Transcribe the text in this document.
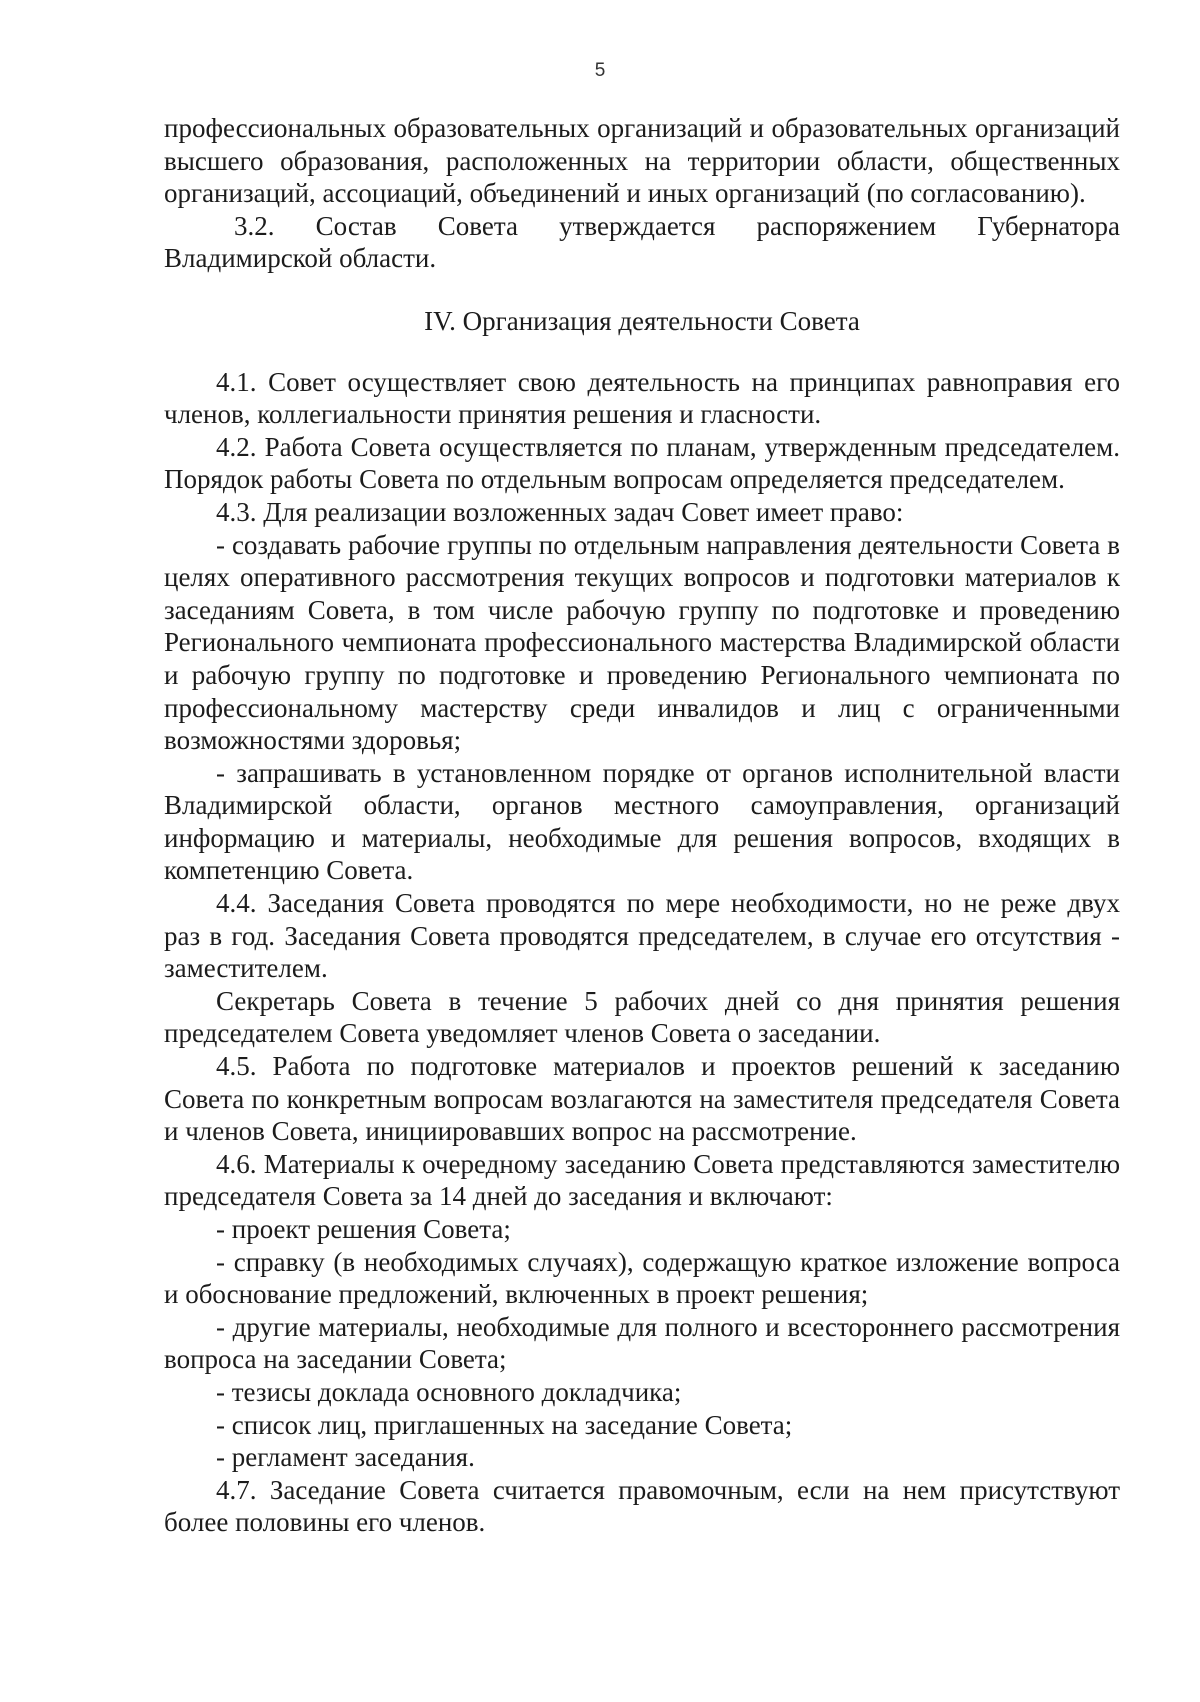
5

профессиональных образовательных организаций и образовательных организаций высшего образования, расположенных на территории области, общественных организаций, ассоциаций, объединений и иных организаций (по согласованию).

3.2. Состав Совета утверждается распоряжением Губернатора Владимирской области.

IV. Организация деятельности Совета

4.1. Совет осуществляет свою деятельность на принципах равноправия его членов, коллегиальности принятия решения и гласности.

4.2. Работа Совета осуществляется по планам, утвержденным председателем. Порядок работы Совета по отдельным вопросам определяется председателем.

4.3. Для реализации возложенных задач Совет имеет право:

- создавать рабочие группы по отдельным направления деятельности Совета в целях оперативного рассмотрения текущих вопросов и подготовки материалов к заседаниям Совета, в том числе рабочую группу по подготовке и проведению Регионального чемпионата профессионального мастерства Владимирской области и рабочую группу по подготовке и проведению Регионального чемпионата по профессиональному мастерству среди инвалидов и лиц с ограниченными возможностями здоровья;

- запрашивать в установленном порядке от органов исполнительной власти Владимирской области, органов местного самоуправления, организаций информацию и материалы, необходимые для решения вопросов, входящих в компетенцию Совета.

4.4. Заседания Совета проводятся по мере необходимости, но не реже двух раз в год. Заседания Совета проводятся председателем, в случае его отсутствия - заместителем.

Секретарь Совета в течение 5 рабочих дней со дня принятия решения председателем Совета уведомляет членов Совета о заседании.

4.5. Работа по подготовке материалов и проектов решений к заседанию Совета по конкретным вопросам возлагаются на заместителя председателя Совета и членов Совета, инициировавших вопрос на рассмотрение.

4.6. Материалы к очередному заседанию Совета представляются заместителю председателя Совета за 14 дней до заседания и включают:

- проект решения Совета;

- справку (в необходимых случаях), содержащую краткое изложение вопроса и обоснование предложений, включенных в проект решения;

- другие материалы, необходимые для полного и всестороннего рассмотрения вопроса на заседании Совета;

- тезисы доклада основного докладчика;

- список лиц, приглашенных на заседание Совета;

- регламент заседания.

4.7. Заседание Совета считается правомочным, если на нем присутствуют более половины его членов.
